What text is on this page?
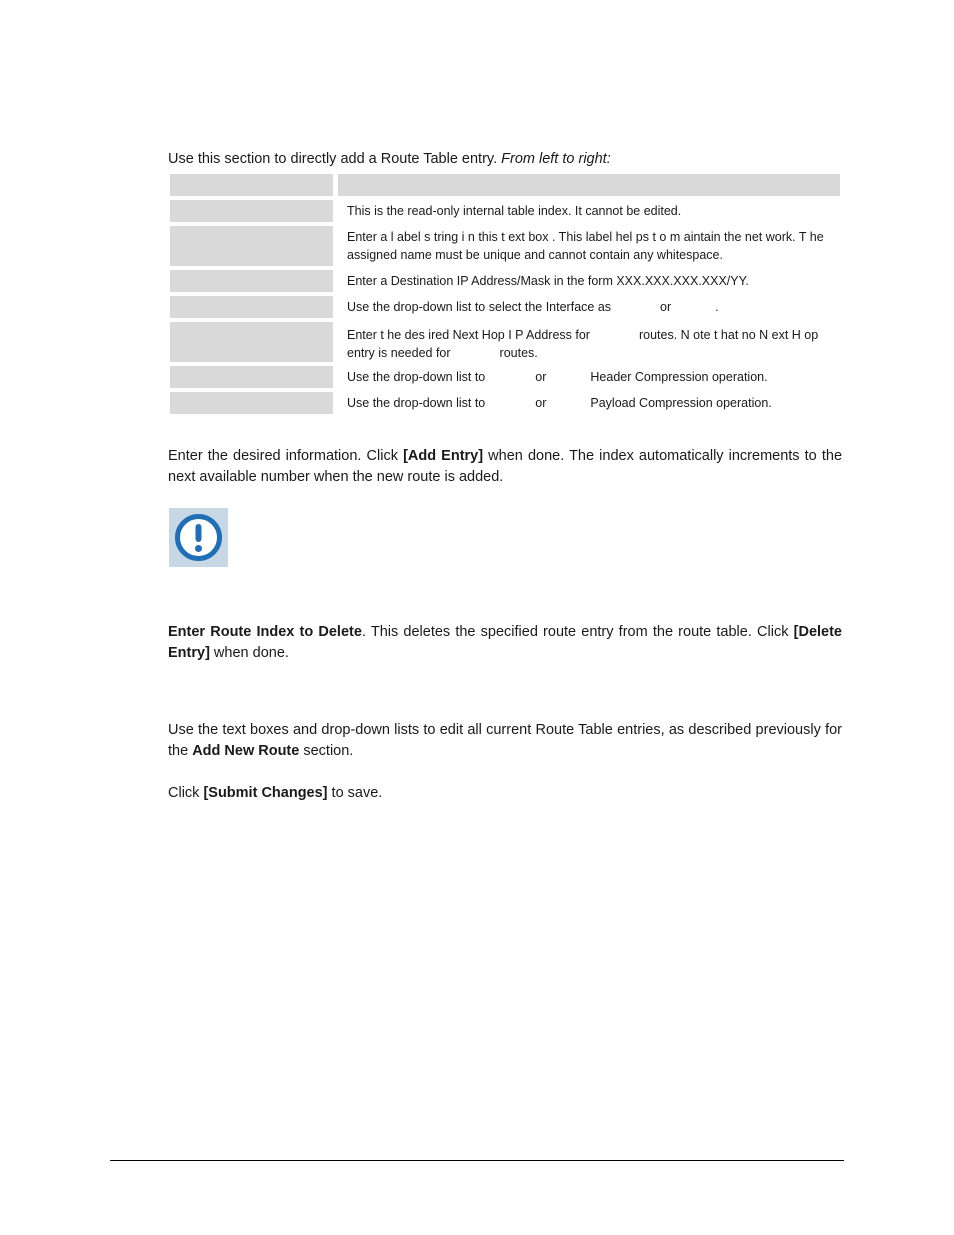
Use this section to directly add a Route Table entry. From left to right:
This is the read-only internal table index. It cannot be edited.
Enter a l abel s tring i n this t ext box . This label hel ps t o m aintain the net work. T he assigned name must be unique and cannot contain any whitespace.
Enter a Destination IP Address/Mask in the form XXX.XXX.XXX.XXX/YY.
Use the drop-down list to select the Interface as	or	.
Enter t he des ired Next Hop I P Address for	routes. N ote t hat no N ext H op
entry is needed for	routes.
Use the drop-down list to	or	Header Compression operation.
Use the drop-down list to	or	Payload Compression operation.
Enter the desired information. Click [Add Entry] when done. The index automatically increments to the next available number when the new route is added.
Enter Route Index to Delete. This deletes the specified route entry from the route table. Click [Delete Entry] when done.
Use the text boxes and drop-down lists to edit all current Route Table entries, as described previously for the Add New Route section.
Click [Submit Changes] to save.
